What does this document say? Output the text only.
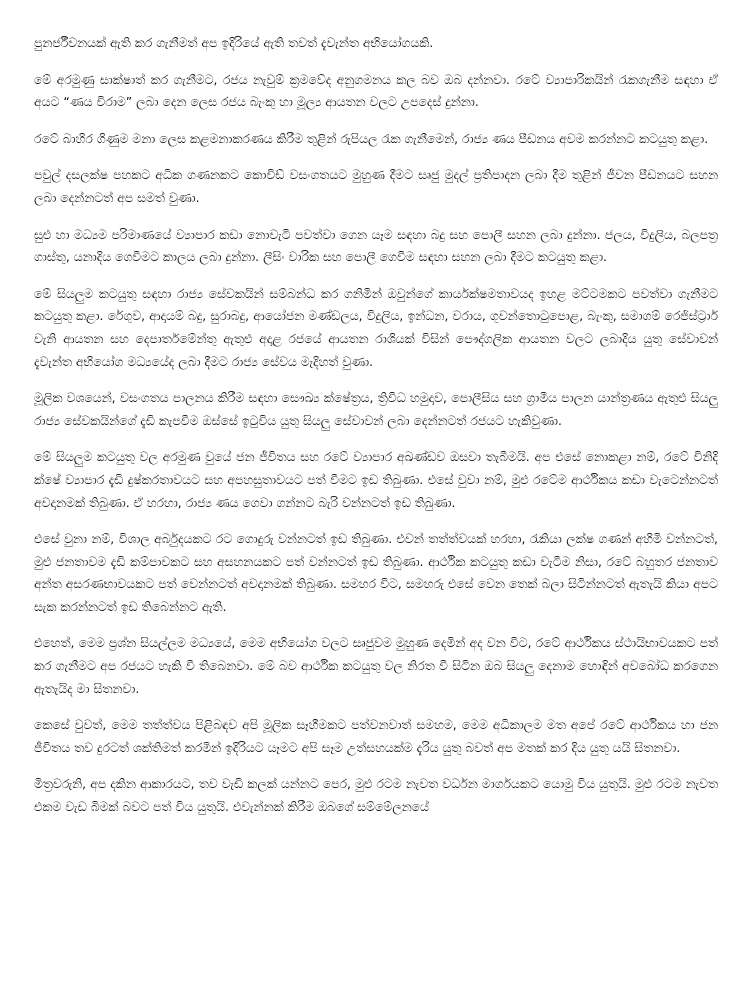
පුනර්ජීවනයක් ඇති කර ගැනීමත් අප ඉදිරියේ ඇති තවත් දැවැන්ත අභියෝගයකි.

මේ අරමුණු සාක්ෂාත් කර ගැනීමට, රජය නැවුම් ක්‍රමවේද අනුගමනය කල බව ඔබ දන්නවා. රටේ ව්‍යාපාරිකයින් රැකගැනීම සඳහා ඒ අයට “ණය විරාම” ලබා දෙන ලෙස රජය බැංකු හා මූල්‍ය ආයතන වලට උපදෙස් දුන්නා.

රටේ බාහිර ගිණුම මනා ලෙස කළමනාකරණය කිරීම තුළින් රුපියල රැක ගැනීමෙන්, රාජ්‍ය ණය පීඩනය අවම කරන්නට කටයුතු කළා.

පවුල් දසලක්ෂ පහකට අධික ගණනකට කොවිඩ් වසංගතයට මුහුණ දීමට සෘජු මුදල් ප්‍රතිපාදන ලබා දීම තුළින් ජීවන පීඩනයට සහන ලබා දෙන්නටත් අප සමත් වුණා.

සුළු හා මධ්‍යම පරිමාණයේ ව්‍යාපාර කඩා නොවැටී පවත්වා ගෙන යෑම සඳහා බදු සහ පොලී සහන ලබා දුන්නා. ජලය, විදුලිය, බලපත්‍ර ගාස්තු, යනාදිය ගෙවීමට කාලය ලබා දුන්නා. ලීසිං වාරික සහ පොලී ගෙවීම සඳහා සහන ලබා දීමට කටයුතු කළා.

මේ සියලුම කටයුතු සඳහා රාජ්‍ය සේවකයින් සම්බන්ධ කර ගනිමින් ඔවුන්ගේ කාර්යක්ෂමතාවයද ඉහළ මට්ටමකට පවත්වා ගැනීමට කටයුතු කළා. රේගුව, ආදායම් බදු, සුරාබදු, ආයෝජන මණ්ඩලය, විදුලිය, ඉන්ධන, වරාය, ගුවන්තොටුපොළ, බැංකු, සමාගම් රෙජිස්ට්‍රාර් වැනි ආයතන සහ දෙපාර්තමේන්තු ඇතුළු අදාළ රජයේ ආයතන රාශියක් විසින් පෞද්ගලික ආයතන වලට ලබාදිය යුතු සේවාවන් දැවැන්ත අභියෝග මධ්‍යයේද ලබා දීමට රාජ්‍ය සේවය මැදිහත් වුණා.

මූලික වශයෙන්, වසංගතය පාලනය කිරීම සඳහා සෞඛ්‍ය ක්ෂේත්‍රය, ත්‍රිවිධ හමුදාව, පොලීසිය සහ ග්‍රාමීය පාලන යාන්ත්‍රණය ඇතුළු සියලු රාජ්‍ය සේවකයින්ගේ දැඩි කැපවීම ඔස්සේ ඉටුවිය යුතු සියලු සේවාවන් ලබා දෙන්නටත් රජයට හැකිවුණා.

මේ සියලුම කටයුතු වල අරමුණ වුයේ ජන ජීවිතය සහ රටේ ව්‍යාපාර අඛණ්ඩව ඔසවා තැබීමයි. අප එසේ නොකළා නම්, රටේ විනිදි ක්ෂේ ව්‍යාපාර දැඩි දුෂ්කරතාවයට සහ අපහසුතාවයට පත් වීමට ඉඩ තිබුණා. එසේ වුවා නම්, මුළු රටේම ආර්ථිකය කඩා වැටෙන්නටත් අවදානමක් තිබුණා. ඒ හරහා, රාජ්‍ය ණය ගෙවා ගන්නට බැරි වන්නටත් ඉඩ තිබුණා.

එසේ වුනා නම්, විශාල අර්බුදයකට රට ගොදුරු වන්නටත් ඉඩ තිබුණා. එවන් තත්ත්වයක් හරහා, රැකියා ලක්ෂ ගණන් අහිමි වන්නටත්, මුළු ජනතාවම දැඩි කම්පාවකට සහ අසහනයකට පත් වන්නටත් ඉඩ තිබුණා. ආර්ථික කටයුතු කඩා වැටීම නිසා, රටේ බහුතර ජනතාව අන්ත අසරණභාවයකට පත් වෙන්නටත් අවදානමක් තිබුණා. සමහර විට, සමහරු එසේ වෙන තෙක් බලා සිටින්නටත් ඇතැයි කියා අපට සැක කරන්නටත් ඉඩ තිබෙන්නට ඇති.

එහෙත්, මෙම ප්‍රශ්න සියල්ලම මධ්‍යයේ, මෙම අභියෝග වලට සෘජුවම මුහුණ දෙමින් අද වන විට, රටේ ආර්ථිකය ස්ථායිභාවයකට පත් කර ගැනීමට අප රජයට හැකි වී තිබෙනවා. මේ බව ආර්ථික කටයුතු වල නිරත වී සිටින ඔබ සියලු දෙනාම හොඳින් අවබෝධ කරගෙන ඇතැයිද මා සිතනවා.

කෙසේ වුවත්, මෙම තත්ත්වය පිළිබඳව අපි මූලික සෑහීමකට පත්වනවාත් සමහම, මෙම අධිකාලම මත අපේ රටේ ආර්ථිකය හා ජන ජීවිතය තව දුරටත් ශක්තිමත් කරමින් ඉදිරියට යෑමට අපි සෑම උත්සහයක්ම දැරිය යුතු බවත් අප මතක් කර දිය යුතු යයි සිතනවා.

මිත්‍රවරුනි, අප දකින ආකාරයට, තව වැඩි කලක් යන්නට පෙර, මුළු රටම නැවත වර්ධන මාර්ගයකට යොමු විය යුතුයි. මුළු රටම නැවත එකම වැඩ බිමක් බවට පත් විය යුතුයි. එවැන්නක් කිරීම ඔබගේ සම්මේලනයේ
